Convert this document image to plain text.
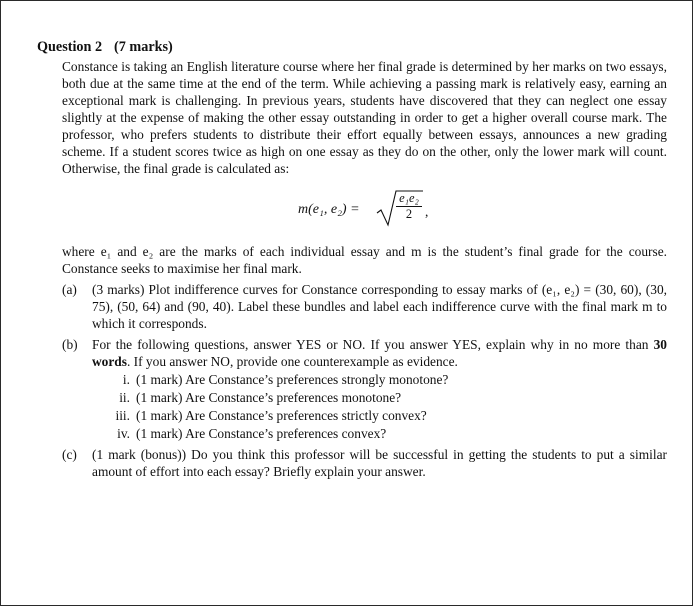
Question 2 (7 marks)

Constance is taking an English literature course where her final grade is determined by her marks on two essays, both due at the same time at the end of the term. While achieving a passing mark is relatively easy, earning an exceptional mark is challenging. In previous years, students have discovered that they can neglect one essay slightly at the expense of making the other essay outstanding in order to get a higher overall course mark. The professor, who prefers students to distribute their effort equally between essays, announces a new grading scheme. If a student scores twice as high on one essay as they do on the other, only the lower mark will count. Otherwise, the final grade is calculated as:

m(e₁, e₂) =	$\frac{\text{e₁e₂}}{2}$ ,

where e₁ and e₂ are the marks of each individual essay and m is the student’s final grade for the course. Constance seeks to maximise her final mark.

(a)	(3 marks) Plot indifference curves for Constance corresponding to essay marks of (e₁, e₂) = (30, 60), (30, 75), (50, 64) and (90, 40). Label these bundles and label each indifference curve with the final mark m to which it corresponds.
(b)	For the following questions, answer YES or NO. If you answer YES, explain why in no more than 30 words. If you answer NO, provide one counterexample as evidence.
i. (1 mark) Are Constance’s preferences strongly monotone?
ii. (1 mark) Are Constance’s preferences monotone?
iii. (1 mark) Are Constance’s preferences strictly convex?
iv. (1 mark) Are Constance’s preferences convex?
(c)	(1 mark (bonus)) Do you think this professor will be successful in getting the students to put a similar amount of effort into each essay? Briefly explain your answer.
